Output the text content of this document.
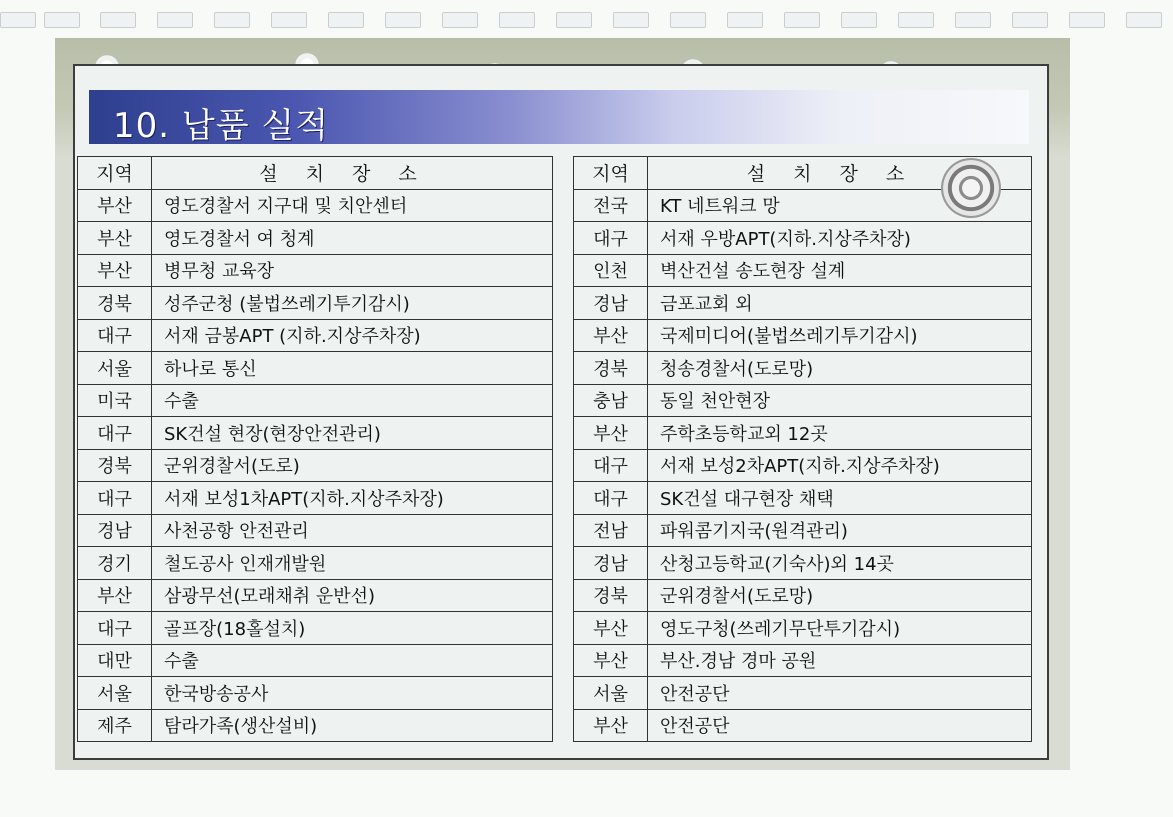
10. 납품 실적
지역	설치장소
부산	영도경찰서 지구대 및 치안센터
부산	영도경찰서 여 청계
부산	병무청 교육장
경북	성주군청 (불법쓰레기투기감시)
대구	서재 금봉APT (지하.지상주차장)
서울	하나로 통신
미국	수출
대구	SK건설 현장(현장안전관리)
경북	군위경찰서(도로)
대구	서재 보성1차APT(지하.지상주차장)
경남	사천공항 안전관리
경기	철도공사 인재개발원
부산	삼광무선(모래채취 운반선)
대구	골프장(18홀설치)
대만	수출
서울	한국방송공사
제주	탐라가족(생산설비)
지역	설치장소
전국	KT 네트워크 망
대구	서재 우방APT(지하.지상주차장)
인천	벽산건설 송도현장 설계
경남	금포교회 외
부산	국제미디어(불법쓰레기투기감시)
경북	청송경찰서(도로망)
충남	동일 천안현장
부산	주학초등학교외 12곳
대구	서재 보성2차APT(지하.지상주차장)
대구	SK건설 대구현장 채택
전남	파워콤기지국(원격관리)
경남	산청고등학교(기숙사)외 14곳
경북	군위경찰서(도로망)
부산	영도구청(쓰레기무단투기감시)
부산	부산.경남 경마 공원
서울	안전공단
부산	안전공단
